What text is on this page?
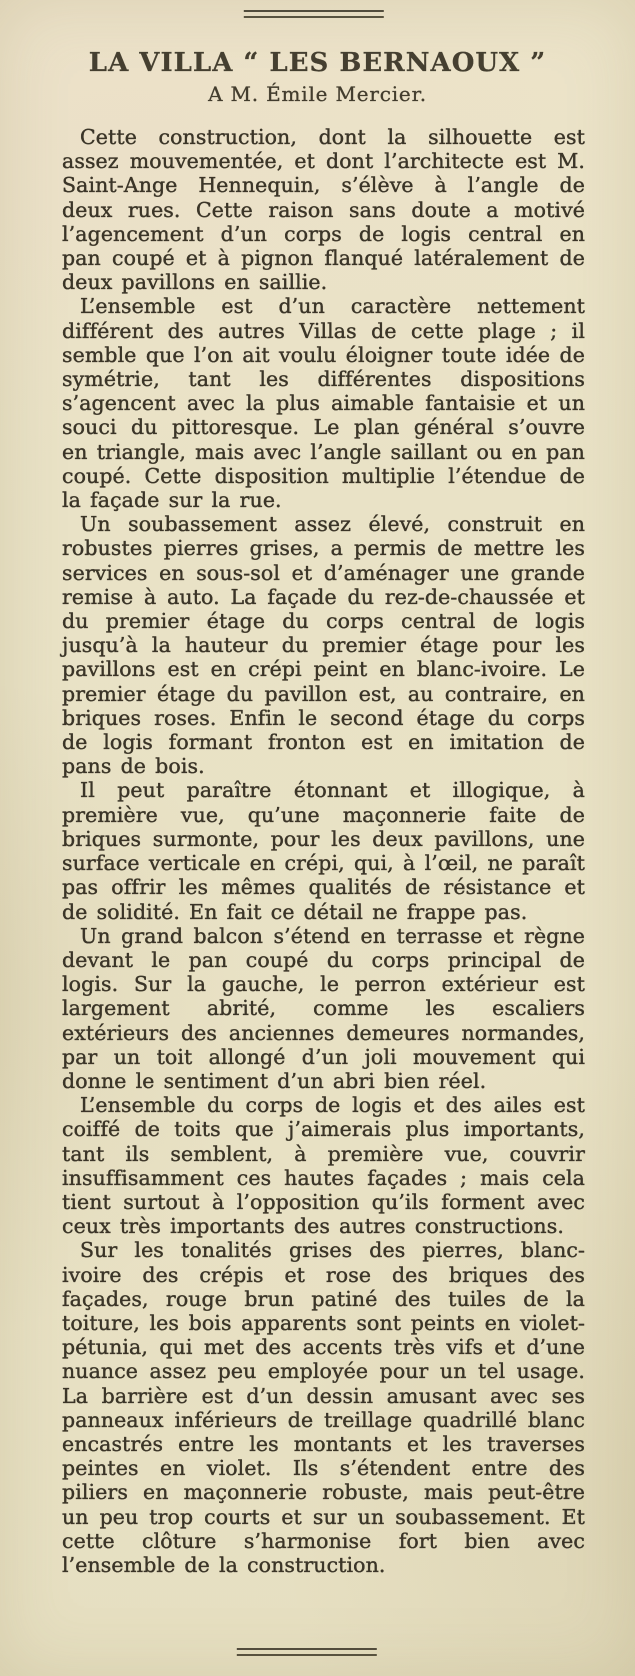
LA VILLA “ LES BERNAOUX ”
A M. Émile Mercier.

Cette construction, dont la silhouette est assez mouvementée, et dont l’architecte est M. Saint-Ange Hennequin, s’élève à l’angle de deux rues. Cette raison sans doute a motivé l’agencement d’un corps de logis central en pan coupé et à pignon flanqué latéralement de deux pavillons en saillie.

L’ensemble est d’un caractère nettement différent des autres Villas de cette plage ; il semble que l’on ait voulu éloigner toute idée de symétrie, tant les différentes dispositions s’agencent avec la plus aimable fantaisie et un souci du pittoresque. Le plan général s’ouvre en triangle, mais avec l’angle saillant ou en pan coupé. Cette disposition multiplie l’étendue de la façade sur la rue.

Un soubassement assez élevé, construit en robustes pierres grises, a permis de mettre les services en sous-sol et d’aménager une grande remise à auto. La façade du rez-de-chaussée et du premier étage du corps central de logis jusqu’à la hauteur du premier étage pour les pavillons est en crépi peint en blanc-ivoire. Le premier étage du pavillon est, au contraire, en briques roses. Enfin le second étage du corps de logis formant fronton est en imitation de pans de bois.

Il peut paraître étonnant et illogique, à première vue, qu’une maçonnerie faite de briques surmonte, pour les deux pavillons, une surface verticale en crépi, qui, à l’œil, ne paraît pas offrir les mêmes qualités de résistance et de solidité. En fait ce détail ne frappe pas.

Un grand balcon s’étend en terrasse et règne devant le pan coupé du corps principal de logis. Sur la gauche, le perron extérieur est largement abrité, comme les escaliers extérieurs des anciennes demeures normandes, par un toit allongé d’un joli mouvement qui donne le sentiment d’un abri bien réel.

L’ensemble du corps de logis et des ailes est coiffé de toits que j’aimerais plus importants, tant ils semblent, à première vue, couvrir insuffisamment ces hautes façades ; mais cela tient surtout à l’opposition qu’ils forment avec ceux très importants des autres constructions.

Sur les tonalités grises des pierres, blanc-ivoire des crépis et rose des briques des façades, rouge brun patiné des tuiles de la toiture, les bois apparents sont peints en violet-pétunia, qui met des accents très vifs et d’une nuance assez peu employée pour un tel usage. La barrière est d’un dessin amusant avec ses panneaux inférieurs de treillage quadrillé blanc encastrés entre les montants et les traverses peintes en violet. Ils s’étendent entre des piliers en maçonnerie robuste, mais peut-être un peu trop courts et sur un soubassement. Et cette clôture s’harmonise fort bien avec l’ensemble de la construction.
